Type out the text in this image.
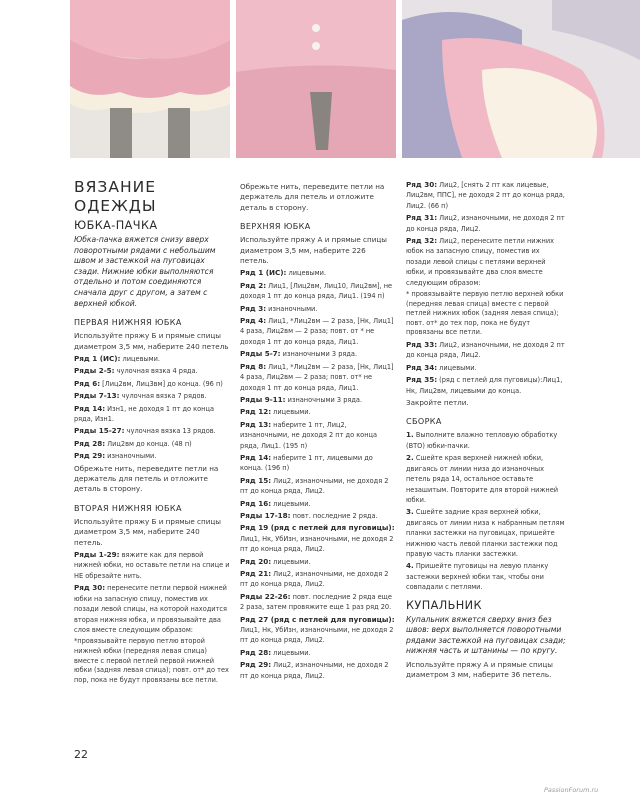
ВЯЗАНИЕ
ОДЕЖДЫ
ЮБКА-ПАЧКА

Юбка-пачка вяжется снизу вверх поворотными рядами с небольшим швом и застежкой на пуговицах сзади. Нижние юбки выполняются отдельно и потом соединяются сначала друг с другом, а затем с верхней юбкой.

ПЕРВАЯ НИЖНЯЯ ЮБКА

Используйте пряжу Б и прямые спицы диаметром 3,5 мм, наберите 240 петель

Ряд 1 (ИС): лицевыми.

Ряды 2-5: чулочная вязка 4 ряда.

Ряд 6: [Лиц2вм, Лиц3вм] до конца. (96 п)

Ряды 7-13: чулочная вязка 7 рядов.

Ряд 14: Изн1, не доходя 1 пт до конца ряда, Изн1.

Ряды 15-27: чулочная вязка 13 рядов.

Ряд 28: Лиц2вм до конца. (48 п)

Ряд 29: изнаночными.

Обрежьте нить, переведите петли на держатель для петель и отложите деталь в сторону.

ВТОРАЯ НИЖНЯЯ ЮБКА

Используйте пряжу Б и прямые спицы диаметром 3,5 мм, наберите 240 петель.

Ряды 1-29: вяжите как для первой нижней юбки, но оставьте петли на спице и НЕ обрезайте нить.

Ряд 30: перенесите петли первой нижней юбки на запасную спицу, поместив их позади левой спицы, на которой находится вторая нижняя юбка, и провязывайте два слоя вместе следующим образом:

*провязывайте первую петлю второй нижней юбки (передняя левая спица) вместе с первой петлей первой нижней юбки (задняя левая спица); повт. от* до тех пор, пока не будут провязаны все петли.

Обрежьте нить, переведите петли на держатель для петель и отложите деталь в сторону.

ВЕРХНЯЯ ЮБКА

Используйте пряжу А и прямые спицы диаметром 3,5 мм, наберите 226 петель.

Ряд 1 (ИС): лицевыми.

Ряд 2: Лиц1, [Лиц2вм, Лиц10, Лиц2вм], не доходя 1 пт до конца ряда, Лиц1. (194 п)

Ряд 3: изнаночными.

Ряд 4: Лиц1, *Лиц2вм — 2 раза, [Нк, Лиц1] 4 раза, Лиц2вм — 2 раза; повт. от * не доходя 1 пт до конца ряда, Лиц1.

Ряды 5-7: изнаночными 3 ряда.

Ряд 8: Лиц1, *Лиц2вм — 2 раза, [Нк, Лиц1] 4 раза, Лиц2вм — 2 раза; повт. от* не доходя 1 пт до конца ряда, Лиц1.

Ряды 9-11: изнаночными 3 ряда.

Ряд 12: лицевыми.

Ряд 13: наберите 1 пт, Лиц2, изнаночными, не доходя 2 пт до конца ряда, Лиц1. (195 п)

Ряд 14: наберите 1 пт, лицевыми до конца. (196 п)

Ряд 15: Лиц2, изнаночными, не доходя 2 пт до конца ряда, Лиц2.

Ряд 16: лицевыми.

Ряды 17-18: повт. последние 2 ряда.

Ряд 19 (ряд с петлей для пуговицы): Лиц1, Нк, УбИзн, изнаночными, не доходя 2 пт до конца ряда, Лиц2.

Ряд 20: лицевыми.

Ряд 21: Лиц2, изнаночными, не доходя 2 пт до конца ряда, Лиц2.

Ряды 22-26: повт. последние 2 ряда еще 2 раза, затем провяжите еще 1 раз ряд 20.

Ряд 27 (ряд с петлей для пуговицы): Лиц1, Нк, УбИзн, изнаночными, не доходя 2 пт до конца ряда, Лиц2.

Ряд 28: лицевыми.

Ряд 29: Лиц2, изнаночными, не доходя 2 пт до конца ряда, Лиц2.

Ряд 30: Лиц2, [снять 2 пт как лицевые, Лиц2вм, ППС], не доходя 2 пт до конца ряда, Лиц2. (66 п)

Ряд 31: Лиц2, изнаночными, не доходя 2 пт до конца ряда, Лиц2.

Ряд 32: Лиц2, перенесите петли нижних юбок на запасную спицу, поместив их позади левой спицы с петлями верхней юбки, и провязывайте два слоя вместе следующим образом:

* провязывайте первую петлю верхней юбки (передняя левая спица) вместе с первой петлей нижних юбок (задняя левая спица); повт. от* до тех пор, пока не будут провязаны все петли.

Ряд 33: Лиц2, изнаночными, не доходя 2 пт до конца ряда, Лиц2.

Ряд 34: лицевыми.

Ряд 35: (ряд с петлей для пуговицы):Лиц1, Нк, Лиц2вм, лицевыми до конца.

Закройте петли.

СБОРКА

1. Выполните влажно тепловую обработку (ВТО) юбки-пачки.

2. Сшейте края верхней нижней юбки, двигаясь от линии низа до изнаночных петель ряда 14, остальное оставьте незашитым. Повторите для второй нижней юбки.

3. Сшейте задние края верхней юбки, двигаясь от линии низа к набранным петлям планки застежки на пуговицах, пришейте нижнюю часть левой планки застежки под правую часть планки застежки.

4. Пришейте пуговицы на левую планку застежки верхней юбки так, чтобы они совпадали с петлями.

КУПАЛЬНИК

Купальник вяжется сверху вниз без швов: верх выполняется поворотными рядами застежкой на пуговицах сзади; нижняя часть и штанины — по кругу.

Используйте пряжу А и прямые спицы диаметром 3 мм, наберите 36 петель.

22
PassionForum.ru
